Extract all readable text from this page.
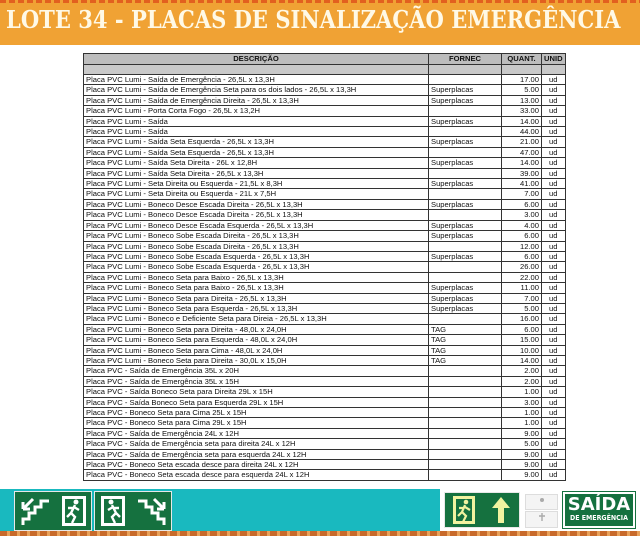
LOTE 34 - PLACAS DE SINALIZAÇÃO EMERGÊNCIA
DESCRIÇÃO	FORNEC	QUANT.	UNID

Placa PVC Lumi - Saída de Emergência - 26,5L x 13,3H		17.00	ud
Placa PVC Lumi - Saída de Emergência Seta para os dois lados - 26,5L x 13,3H	Superplacas	5.00	ud
Placa PVC Lumi - Saída de Emergência Direita - 26,5L x 13,3H	Superplacas	13.00	ud
Placa PVC Lumi - Porta Corta Fogo - 26,5L x 13,2H		33.00	ud
Placa PVC Lumi - Saída	Superplacas	14.00	ud
Placa PVC Lumi - Saída		44.00	ud
Placa PVC Lumi - Saída Seta Esquerda - 26,5L x 13,3H	Superplacas	21.00	ud
Placa PVC Lumi - Saída Seta Esquerda - 26,5L x 13,3H		47.00	ud
Placa PVC Lumi - Saída Seta Direita - 26L x 12,8H	Superplacas	14.00	ud
Placa PVC Lumi - Saída Seta Direita - 26,5L x 13,3H		39.00	ud
Placa PVC Lumi - Seta Direita ou Esquerda - 21,5L x 8,3H	Superplacas	41.00	ud
Placa PVC Lumi - Seta Direita ou Esquerda - 21L x 7,5H		7.00	ud
Placa PVC Lumi - Boneco Desce Escada Direita - 26,5L x 13,3H	Superplacas	6.00	ud
Placa PVC Lumi - Boneco Desce Escada Direita - 26,5L x 13,3H		3.00	ud
Placa PVC Lumi - Boneco Desce Escada Esquerda - 26,5L x 13,3H	Superplacas	4.00	ud
Placa PVC Lumi - Boneco Sobe Escada Direita - 26,5L x 13,3H	Superplacas	6.00	ud
Placa PVC Lumi - Boneco Sobe Escada Direita - 26,5L x 13,3H		12.00	ud
Placa PVC Lumi - Boneco Sobe Escada Esquerda - 26,5L x 13,3H	Superplacas	6.00	ud
Placa PVC Lumi - Boneco Sobe Escada Esquerda - 26,5L x 13,3H		26.00	ud
Placa PVC Lumi - Boneco Seta para Baixo - 26,5L x 13,3H		22.00	ud
Placa PVC Lumi - Boneco Seta para Baixo - 26,5L x 13,3H	Superplacas	11.00	ud
Placa PVC Lumi - Boneco Seta para Direita - 26,5L x 13,3H	Superplacas	7.00	ud
Placa PVC Lumi - Boneco Seta para Esquerda - 26,5L x 13,3H	Superplacas	5.00	ud
Placa PVC Lumi - Boneco e Deficiente Seta para Direia - 26,5L x 13,3H		16.00	ud
Placa PVC Lumi - Boneco Seta para Direita - 48,0L x 24,0H	TAG	6.00	ud
Placa PVC Lumi - Boneco Seta para Esquerda - 48,0L x 24,0H	TAG	15.00	ud
Placa PVC Lumi - Boneco Seta para Cima - 48,0L x 24,0H	TAG	10.00	ud
Placa PVC Lumi - Boneco Seta para Direita - 30,0L x 15,0H	TAG	14.00	ud
Placa PVC - Saída de Emergência 35L x 20H		2.00	ud
Placa PVC - Saída de Emergência 35L x 15H		2.00	ud
Placa PVC - Saída Boneco Seta para Direita 29L x 15H		1.00	ud
Placa PVC - Saída Boneco Seta para Esquerda 29L x 15H		3.00	ud
Placa PVC - Boneco Seta para Cima 25L x 15H		1.00	ud
Placa PVC - Boneco Seta para Cima 29L x 15H		1.00	ud
Placa PVC - Saída de Emergência 24L x 12H		9.00	ud
Placa PVC - Saída de Emergência seta para direita 24L x 12H		5.00	ud
Placa PVC - Saída de Emergência seta para esquerda 24L x 12H		9.00	ud
Placa PVC - Boneco Seta escada desce para direita 24L x 12H		9.00	ud
Placa PVC - Boneco Seta escada desce para esquerda 24L x 12H		9.00	ud
SAÍDA
DE EMERGÊNCIA
